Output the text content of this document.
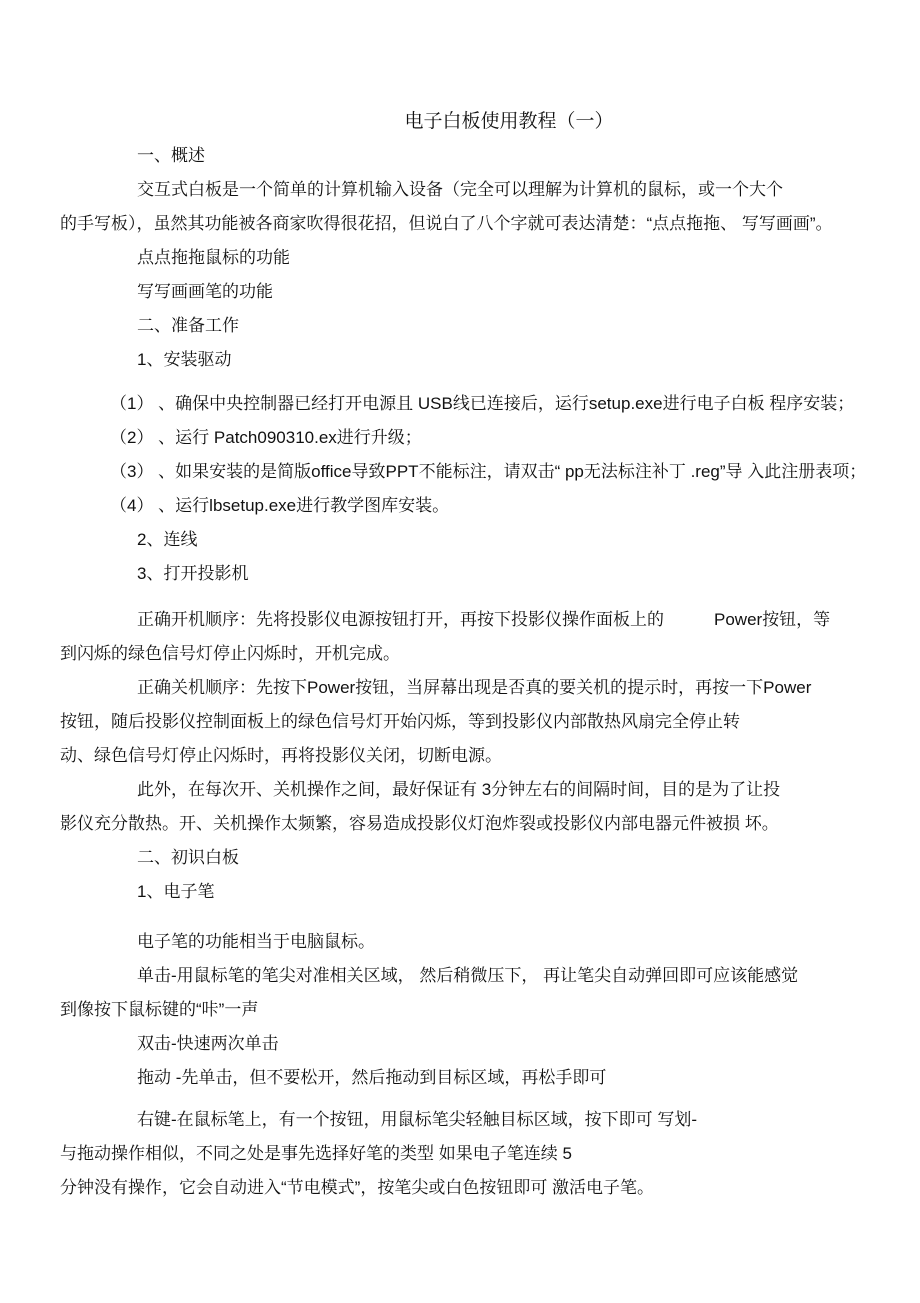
电子白板使用教程（一）

一、概述

交互式白板是一个简单的计算机输入设备（完全可以理解为计算机的鼠标，或一个大个

的手写板），虽然其功能被各商家吹得很花招，但说白了八个字就可表达清楚：“点点拖拖、 写写画画”。

点点拖拖鼠标的功能

写写画画笔的功能

二、准备工作

1、安装驱动

（1） 、确保中央控制器已经打开电源且 USB线已连接后，运行setup.exe进行电子白板 程序安装；

（2） 、运行 Patch090310.ex进行升级；

（3） 、如果安装的是简版office导致PPT不能标注，请双击“ pp无法标注补丁 .reg”导 入此注册表项；

（4） 、运行lbsetup.exe进行教学图库安装。

2、连线

3、打开投影机

正确开机顺序：先将投影仪电源按钮打开，再按下投影仪操作面板上的	Power按钮，等

到闪烁的绿色信号灯停止闪烁时，开机完成。

正确关机顺序：先按下Power按钮，当屏幕出现是否真的要关机的提示时，再按一下Power

按钮，随后投影仪控制面板上的绿色信号灯开始闪烁，等到投影仪内部散热风扇完全停止转

动、绿色信号灯停止闪烁时，再将投影仪关闭，切断电源。

此外，在每次开、关机操作之间，最好保证有 3分钟左右的间隔时间，目的是为了让投

影仪充分散热。开、关机操作太频繁，容易造成投影仪灯泡炸裂或投影仪内部电器元件被损 坏。

二、初识白板

1、电子笔

电子笔的功能相当于电脑鼠标。

单击-用鼠标笔的笔尖对准相关区域， 然后稍微压下， 再让笔尖自动弹回即可应该能感觉

到像按下鼠标键的“咔”一声

双击-快速两次单击

拖动 -先单击，但不要松开，然后拖动到目标区域，再松手即可

右键-在鼠标笔上，有一个按钮，用鼠标笔尖轻触目标区域，按下即可 写划-

与拖动操作相似，不同之处是事先选择好笔的类型 如果电子笔连续 5

分钟没有操作，它会自动进入“节电模式”，按笔尖或白色按钮即可 激活电子笔。
